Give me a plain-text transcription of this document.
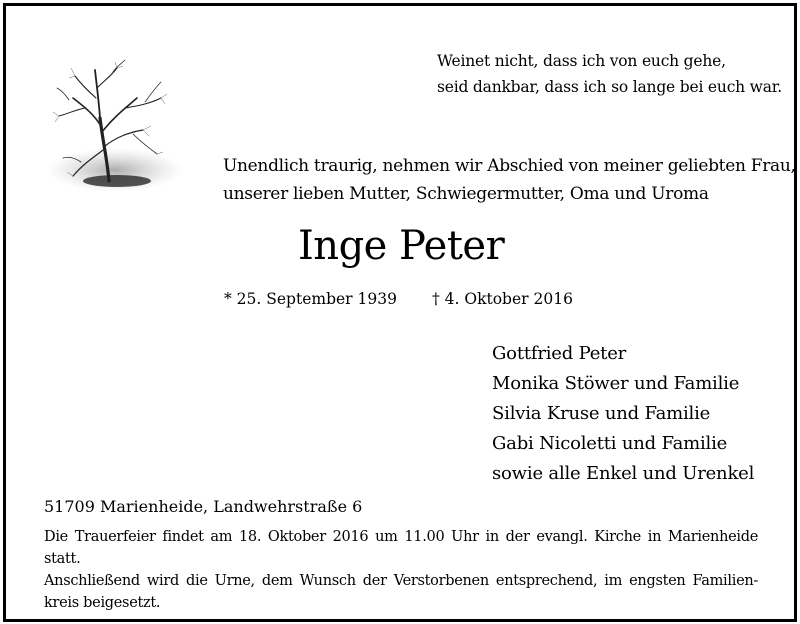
Weinet nicht, dass ich von euch gehe,
seid dankbar, dass ich so lange bei euch war.
Unendlich traurig, nehmen wir Abschied von meiner geliebten Frau,
unserer lieben Mutter, Schwiegermutter, Oma und Uroma
Inge Peter
* 25. September 1939 † 4. Oktober 2016
Gottfried Peter
Monika Stöwer und Familie
Silvia Kruse und Familie
Gabi Nicoletti und Familie
sowie alle Enkel und Urenkel
51709 Marienheide, Landwehrstraße 6

Die Trauerfeier findet am 18. Oktober 2016 um 11.00 Uhr in der evangl. Kirche in Marienheide statt.

Anschließend wird die Urne, dem Wunsch der Verstorbenen entsprechend, im engsten Familien-

kreis beigesetzt.
